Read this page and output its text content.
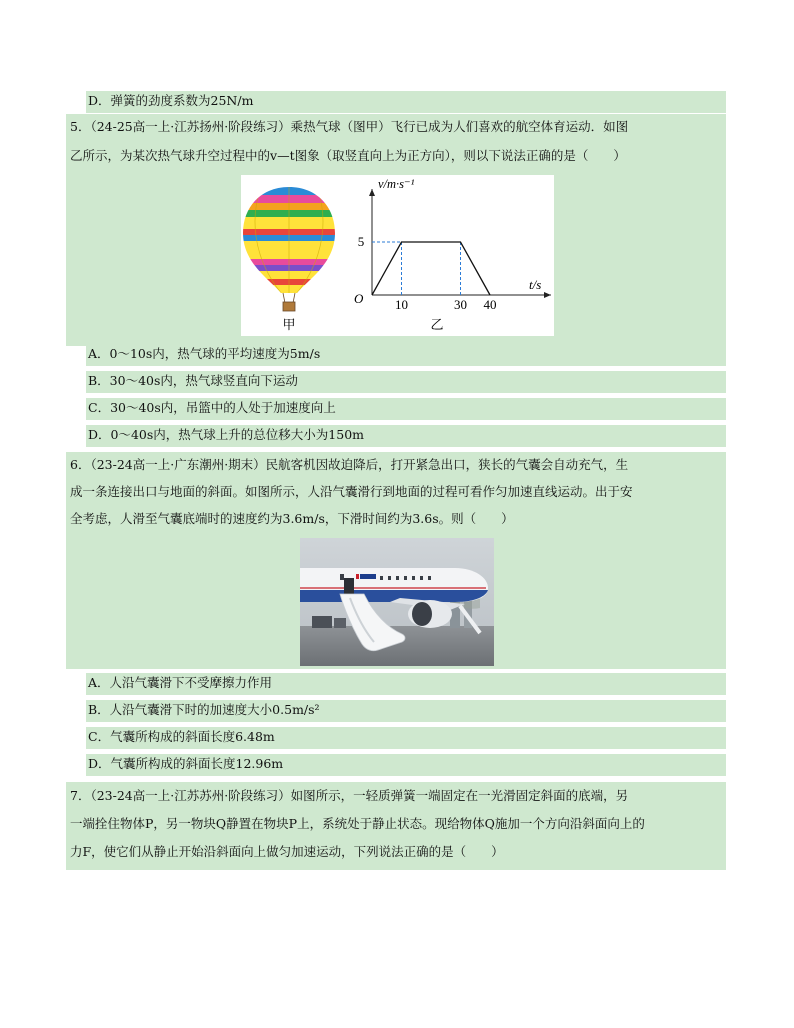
D．弹簧的劲度系数为25N/m
5．（24-25高一上·江苏扬州·阶段练习）乘热气球（图甲）飞行已成为人们喜欢的航空体育运动．如图
乙所示，为某次热气球升空过程中的v—t图象（取竖直向上为正方向），则以下说法正确的是（　　）
甲
v/m·s⁻¹
t/s
O
5
10	30 40
乙
A．0～10s内，热气球的平均速度为5m/s
B．30～40s内，热气球竖直向下运动
C．30～40s内，吊篮中的人处于加速度向上
D．0～40s内，热气球上升的总位移大小为150m
6．（23-24高一上·广东潮州·期末）民航客机因故迫降后，打开紧急出口，狭长的气囊会自动充气，生
成一条连接出口与地面的斜面。如图所示，人沿气囊滑行到地面的过程可看作匀加速直线运动。出于安
全考虑，人滑至气囊底端时的速度约为3.6m/s，下滑时间约为3.6s。则（　　）
A．人沿气囊滑下不受摩擦力作用
B．人沿气囊滑下时的加速度大小0.5m/s²
C．气囊所构成的斜面长度6.48m
D．气囊所构成的斜面长度12.96m
7．（23-24高一上·江苏苏州·阶段练习）如图所示，一轻质弹簧一端固定在一光滑固定斜面的底端，另
一端拴住物体P，另一物块Q静置在物块P上，系统处于静止状态。现给物体Q施加一个方向沿斜面向上的
力F，使它们从静止开始沿斜面向上做匀加速运动，下列说法正确的是（　　）
